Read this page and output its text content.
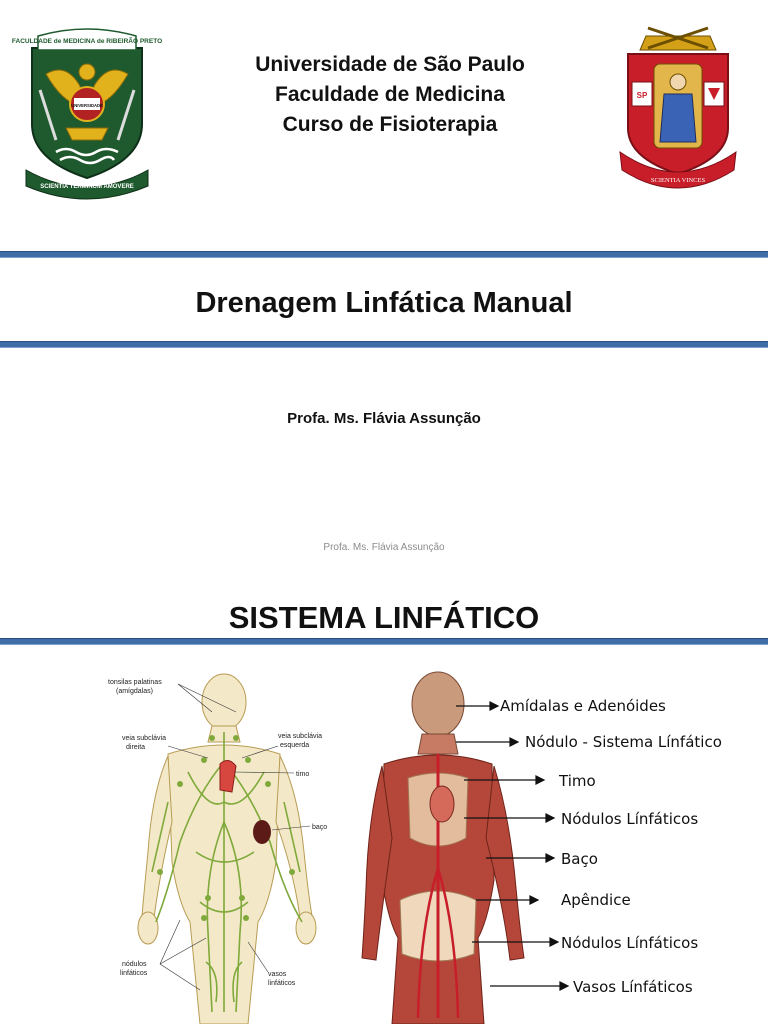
FACULDADE de MEDICINA de RIBEIRÃO PRETO
UNIVERSIDADE
SCIENTIA TERMINUM AMOVERE
SP
SCIENTIA VINCES
Universidade de São Paulo
Faculdade de Medicina
Curso de Fisioterapia
Drenagem Linfática Manual
Profa. Ms. Flávia Assunção
Profa. Ms. Flávia Assunção
SISTEMA LINFÁTICO
tonsilas palatinas
(amígdalas)
veia subclávia
direita
veia subclávia
esquerda
timo
baço
nódulos
linfáticos	vasos
linfáticos
Amídalas e Adenóides
Nódulo - Sistema Línfático
Timo
Nódulos Línfáticos
Baço
Apêndice
Nódulos Línfáticos
Vasos Línfáticos
